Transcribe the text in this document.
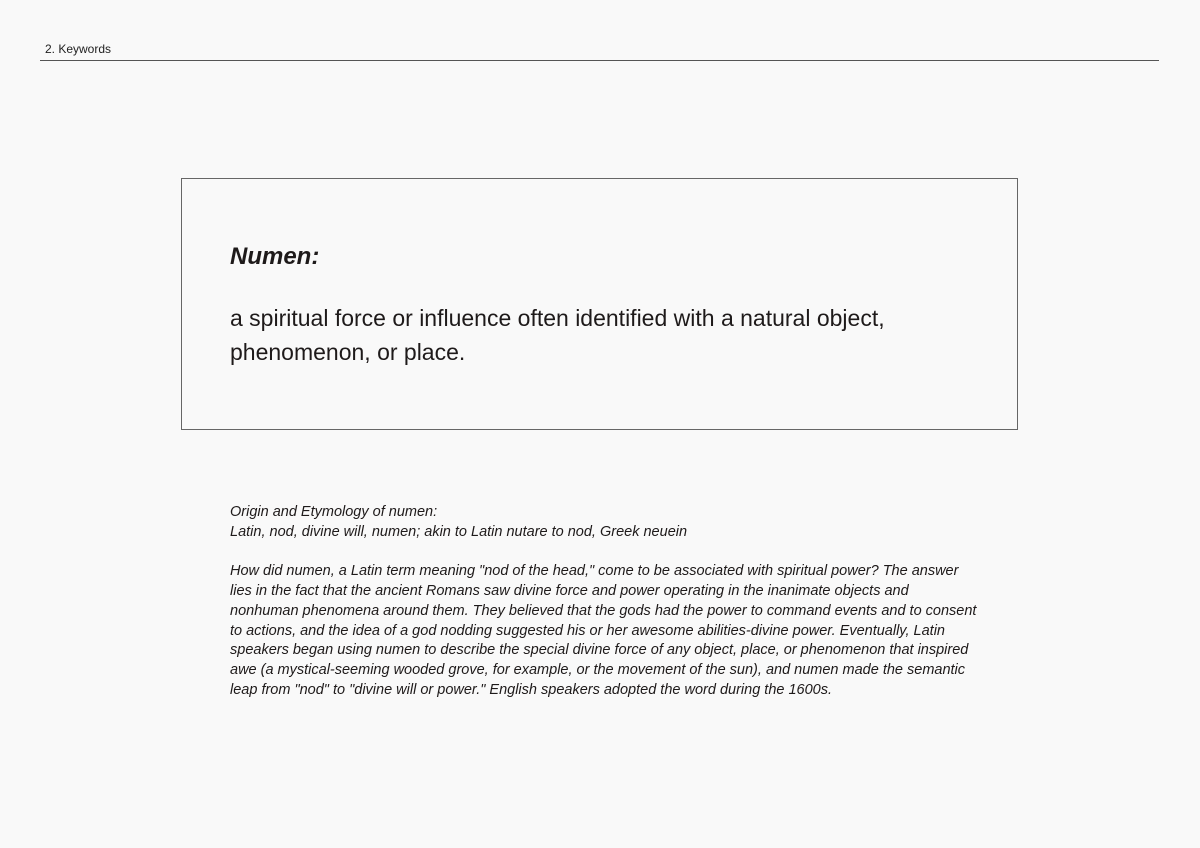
2. Keywords
Numen:
a spiritual force or influence often identified with a natural object, phenomenon, or place.

Origin and Etymology of numen:

Latin, nod, divine will, numen; akin to Latin nutare to nod, Greek neuein

How did numen, a Latin term meaning "nod of the head," come to be associated with spiritual power? The answer lies in the fact that the ancient Romans saw divine force and power operating in the inanimate objects and nonhuman phenomena around them. They believed that the gods had the power to command events and to consent to actions, and the idea of a god nodding suggested his or her awesome abilities-divine power. Eventually, Latin speakers began using numen to describe the special divine force of any object, place, or phenomenon that inspired awe (a mystical-seeming wooded grove, for example, or the movement of the sun), and numen made the semantic leap from "nod" to "divine will or power." English speakers adopted the word during the 1600s.
